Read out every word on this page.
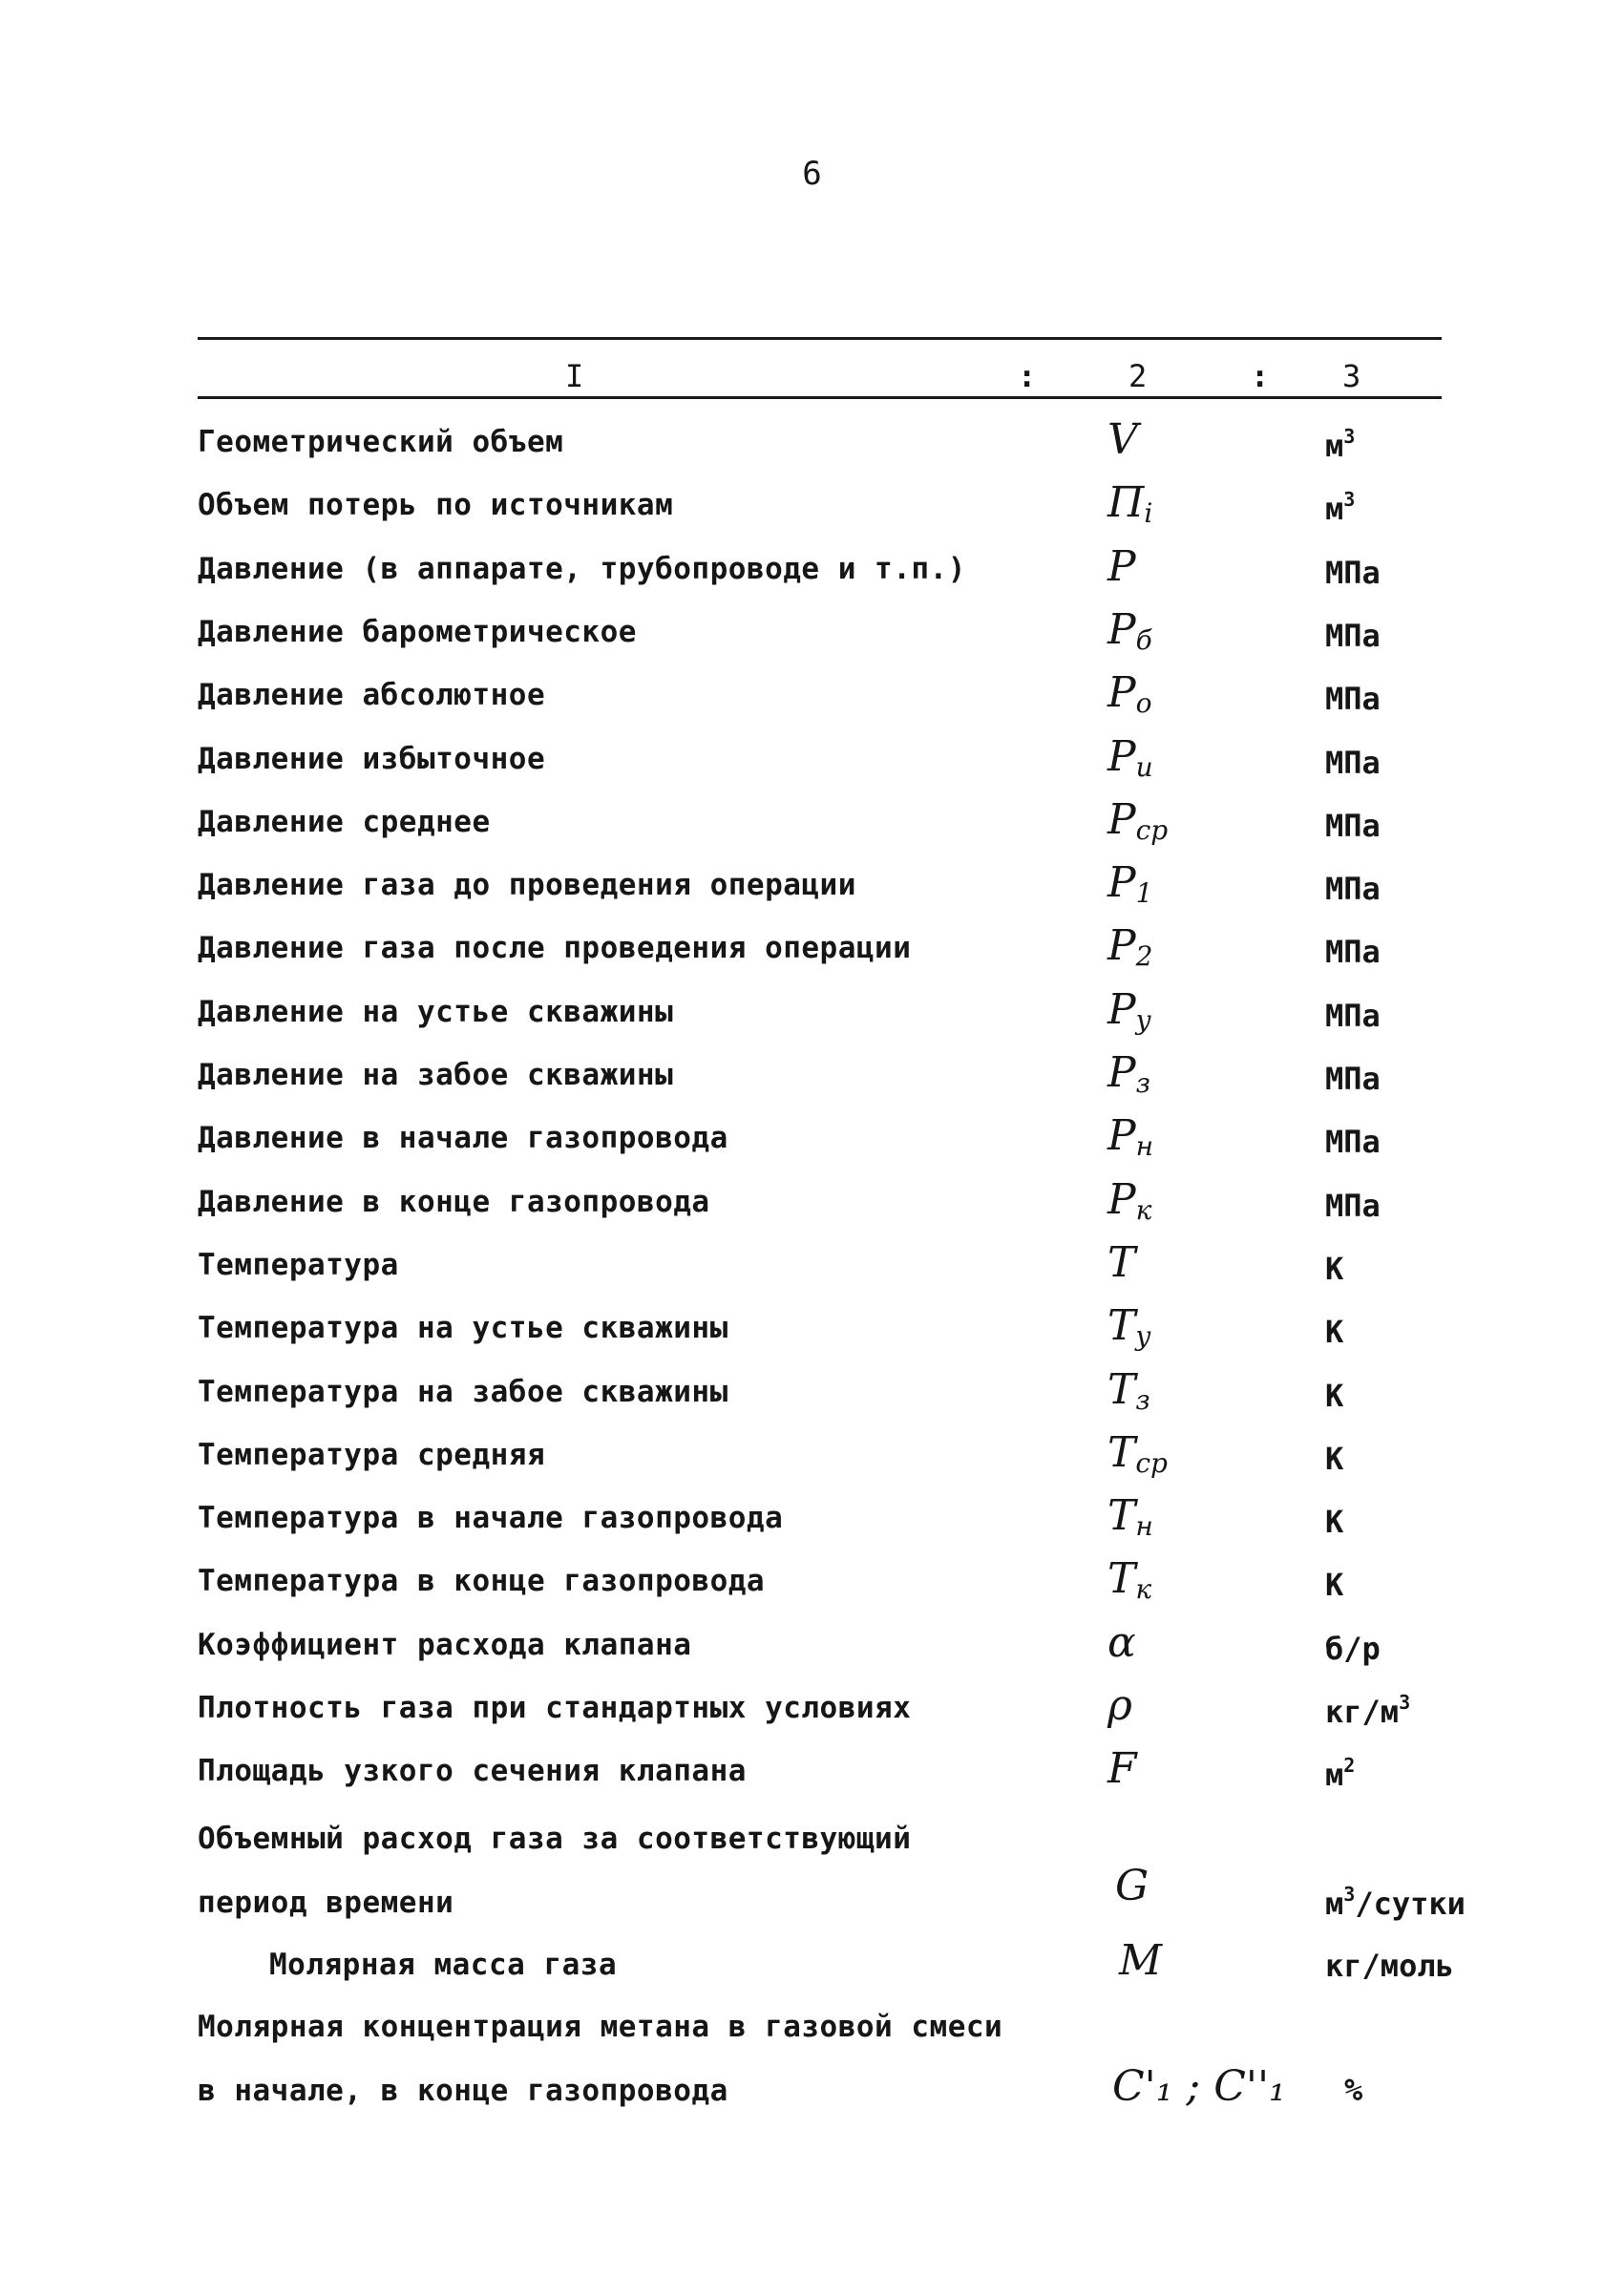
6
I	:	2	: 3
Геометрический объем	V	$м^3$
Объем потерь по источникам	$П_i$	$м^3$
Давление (в аппарате, трубопроводе и т.п.)	P	МПа
Давление барометрическое	$P_б$	МПа
Давление абсолютное	$P_о$	МПа
Давление избыточное	$P_и$	МПа
Давление среднее	$P_{ср}$	МПа
Давление газа до проведения операции	$P_1$	МПа
Давление газа после проведения операции	$P_2$	МПа
Давление на устье скважины	$P_у$	МПа
Давление на забое скважины	$P_з$	МПа
Давление в начале газопровода	$P_н$	МПа
Давление в конце газопровода	$P_к$	МПа
Температура	T	К
Температура на устье скважины	$T_у$	К
Температура на забое скважины	$T_з$	К
Температура средняя	$T_{ср}$	К
Температура в начале газопровода	$T_н$	К
Температура в конце газопровода	$T_к$	К
Коэффициент расхода клапана	α	б/р
Плотность газа при стандартных условиях	ρ	$кг/м^3$
Площадь узкого сечения клапана	F	$м^2$
Объемный расход газа за соответствующий
период времени	G	$м^3$/сутки
Молярная масса газа	M	кг/моль
Молярная концентрация метана в газовой смеси
в начале, в конце газопровода	C'₁ ; C''₁ %
